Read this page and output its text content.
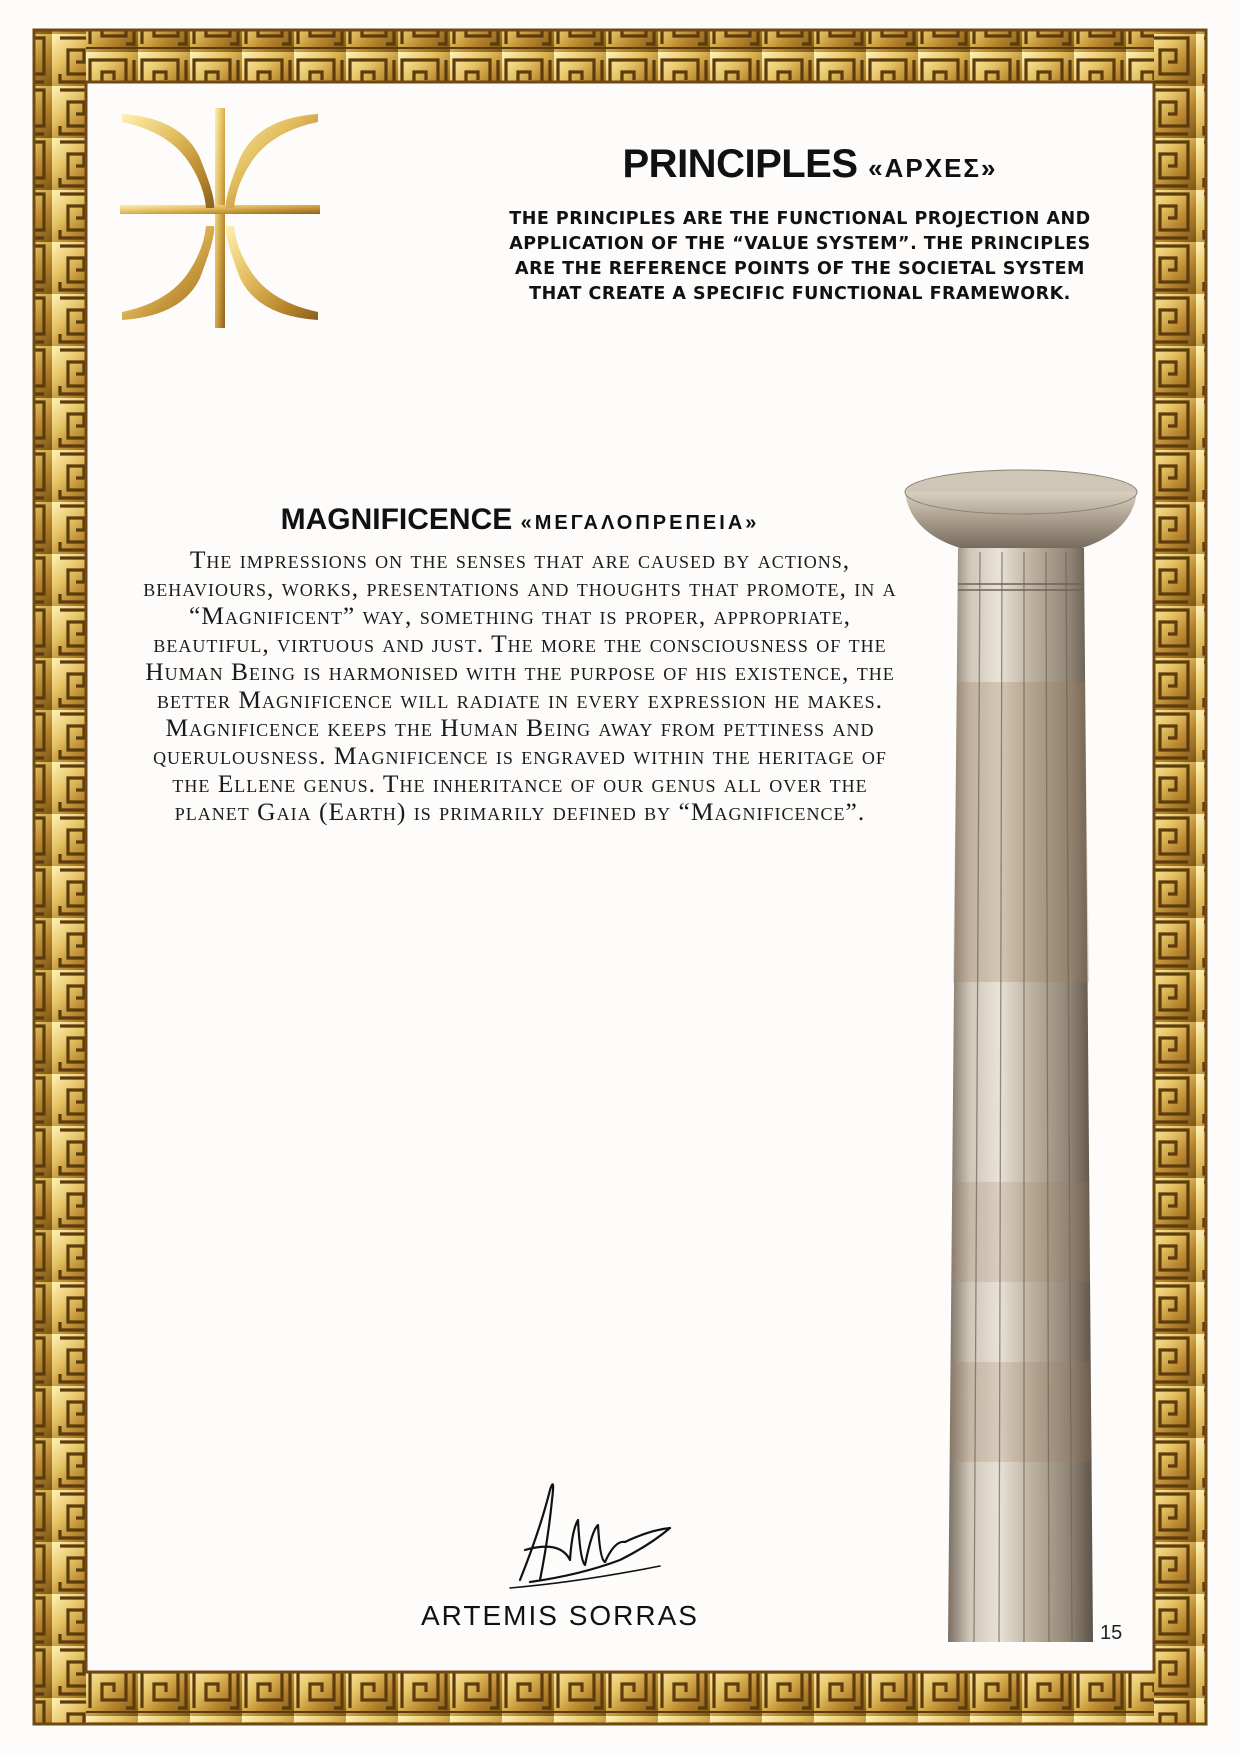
PRINCIPLES «ΑΡΧΕΣ»

THE PRINCIPLES ARE THE FUNCTIONAL PROJECTION AND APPLICATION OF THE “VALUE SYSTEM”. THE PRINCIPLES ARE THE REFERENCE POINTS OF THE SOCIETAL SYSTEM THAT CREATE A SPECIFIC FUNCTIONAL FRAMEWORK.

MAGNIFICENCE «ΜΕΓΑΛΟΠΡΕΠΕΙΑ»

The impressions on the senses that are caused by actions, behaviours, works, presentations and thoughts that promote, in a “Magnificent” way, something that is proper, appropriate, beautiful, virtuous and just. The more the consciousness of the Human Being is harmonised with the purpose of his existence, the better Magnificence will radiate in every expression he makes. Magnificence keeps the Human Being away from pettiness and querulousness. Magnificence is engraved within the heritage of the Ellene genus. The inheritance of our genus all over the planet Gaia (Earth) is primarily defined by “Magnificence”.

ARTEMIS SORRAS

15
